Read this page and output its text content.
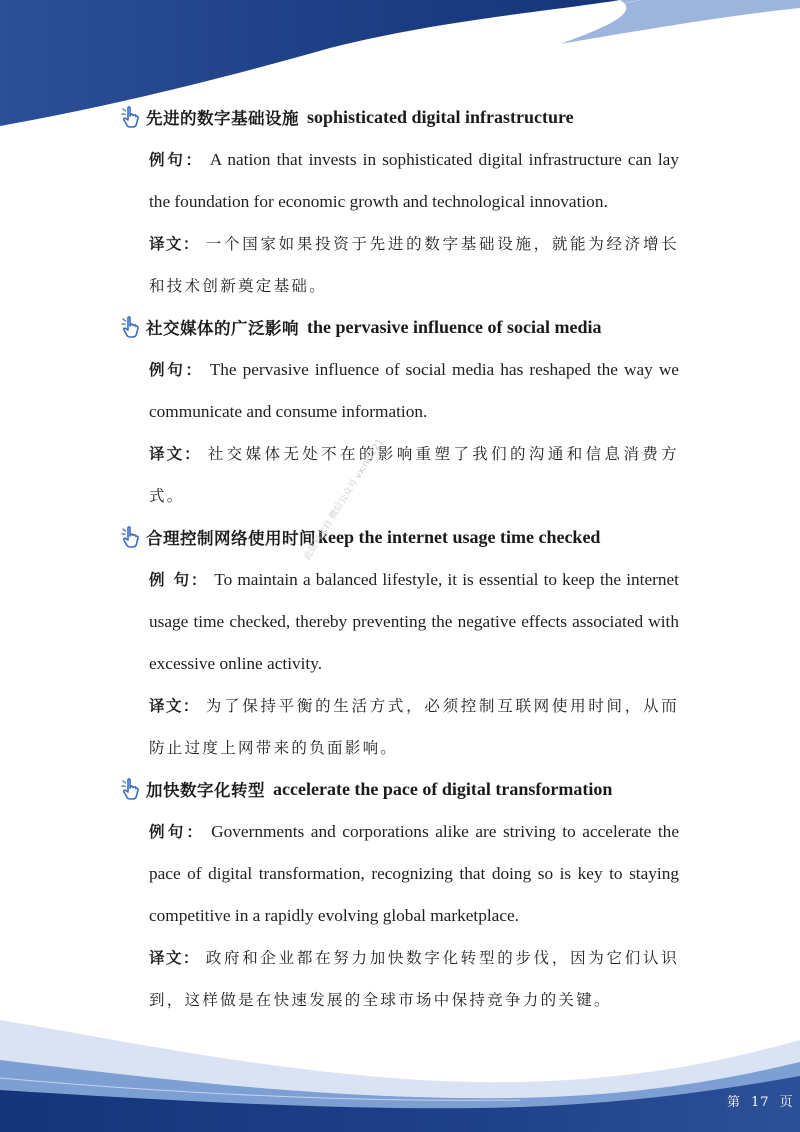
先进的数字基础设施 sophisticated digital infrastructure

例句： A nation that invests in sophisticated digital infrastructure can lay the foundation for economic growth and technological innovation.

译文： 一个国家如果投资于先进的数字基础设施，就能为经济增长和技术创新奠定基础。

社交媒体的广泛影响 the pervasive influence of social media

例句： The pervasive influence of social media has reshaped the way we communicate and consume information.

译文： 社交媒体无处不在的影响重塑了我们的沟通和信息消费方式。

合理控制网络使用时间 keep the internet usage time checked

例 句： To maintain a balanced lifestyle, it is essential to keep the internet usage time checked, thereby preventing the negative effects associated with excessive online activity.

译文： 为了保持平衡的生活方式，必须控制互联网使用时间，从而防止过度上网带来的负面影响。

加快数字化转型 accelerate the pace of digital transformation

例句： Governments and corporations alike are striving to accelerate the pace of digital transformation, recognizing that doing so is key to staying competitive in a rapidly evolving global marketplace.

译文： 政府和企业都在努力加快数字化转型的步伐，因为它们认识到，这样做是在快速发展的全球市场中保持竞争力的关键。

此资料来自 微信公众号 vx:ni5221
第 17 页
